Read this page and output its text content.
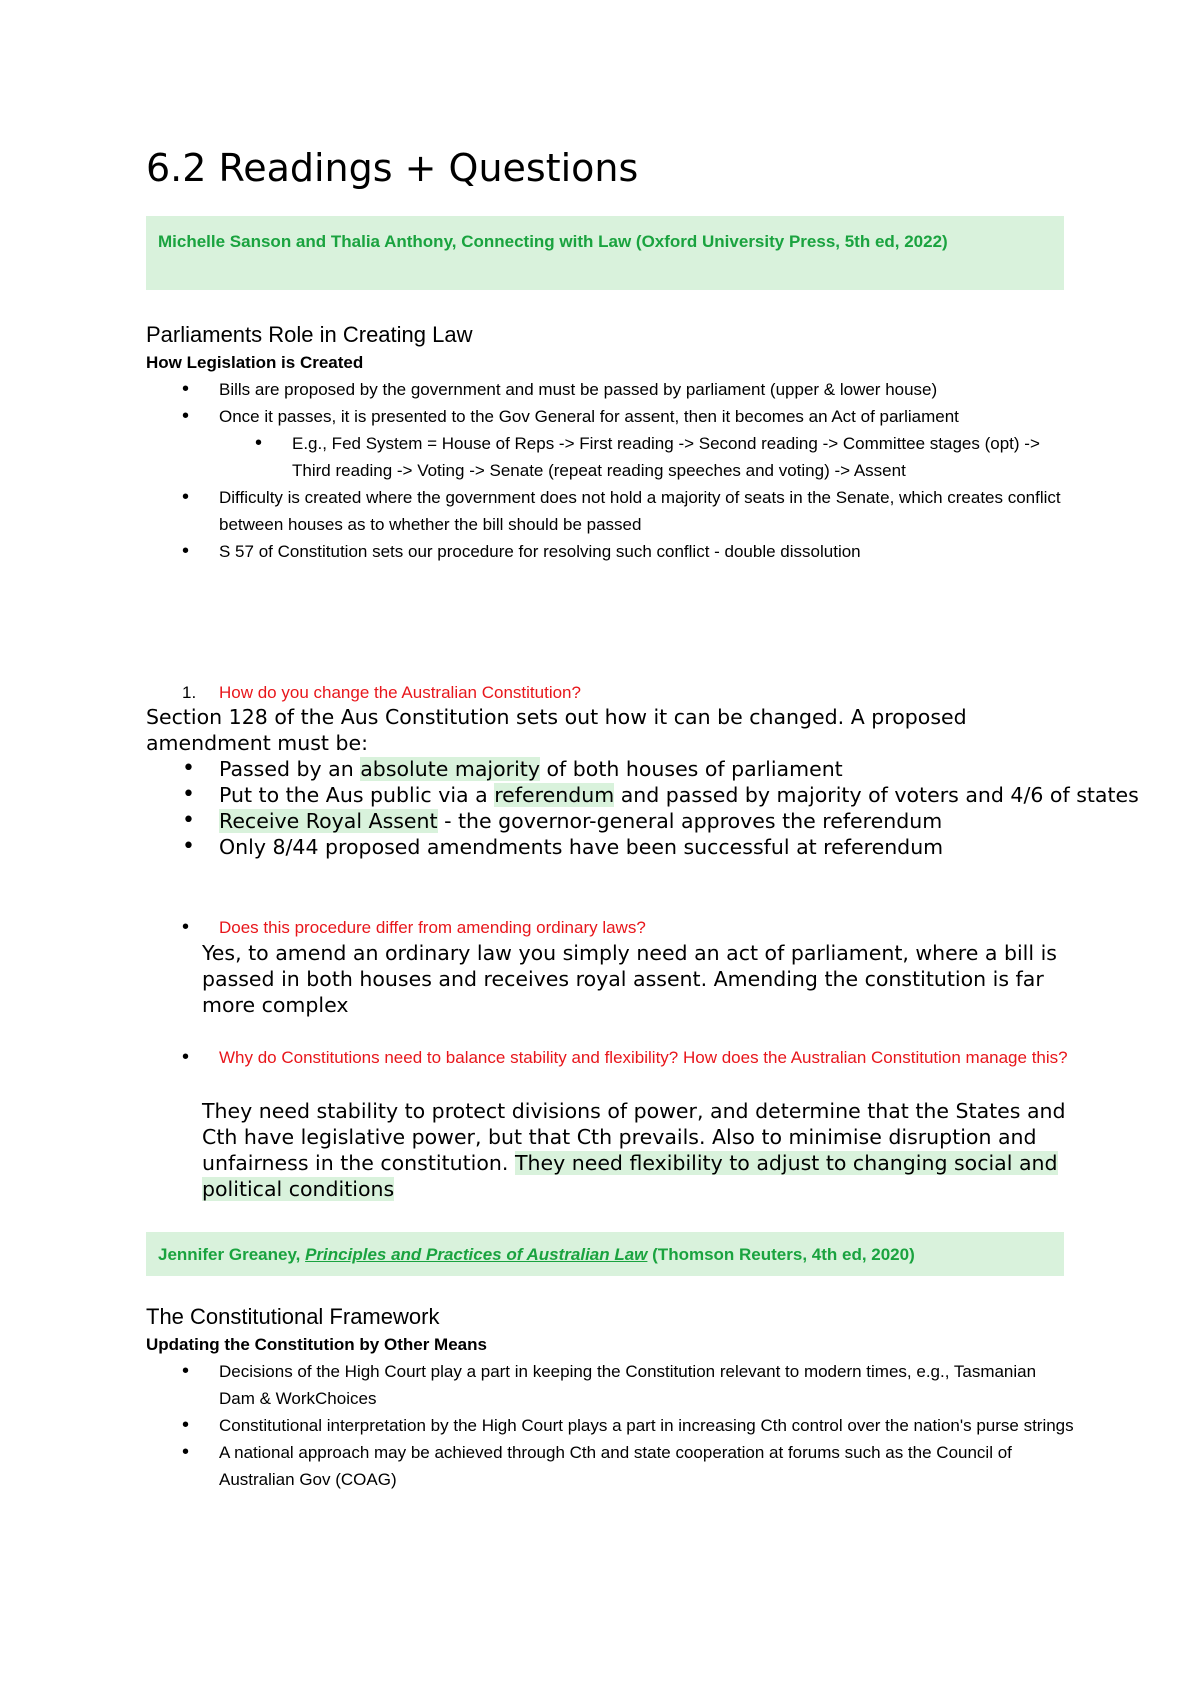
6.2 Readings + Questions
Michelle Sanson and Thalia Anthony, Connecting with Law (Oxford University Press, 5th ed, 2022)
Parliaments Role in Creating Law
How Legislation is Created
• Bills are proposed by the government and must be passed by parliament (upper & lower house)
• Once it passes, it is presented to the Gov General for assent, then it becomes an Act of parliament
• E.g., Fed System = House of Reps -> First reading -> Second reading -> Committee stages (opt) -> Third reading -> Voting -> Senate (repeat reading speeches and voting) -> Assent
• Difficulty is created where the government does not hold a majority of seats in the Senate, which creates conflict between houses as to whether the bill should be passed
• S 57 of Constitution sets our procedure for resolving such conflict - double dissolution
1. How do you change the Australian Constitution?

Section 128 of the Aus Constitution sets out how it can be changed. A proposed amendment must be:

• Passed by an absolute majority of both houses of parliament
• Put to the Aus public via a referendum and passed by majority of voters and 4/6 of states
• Receive Royal Assent - the governor-general approves the referendum
• Only 8/44 proposed amendments have been successful at referendum
• Does this procedure differ from amending ordinary laws?

Yes, to amend an ordinary law you simply need an act of parliament, where a bill is passed in both houses and receives royal assent. Amending the constitution is far more complex

• Why do Constitutions need to balance stability and flexibility? How does the Australian Constitution manage this?

They need stability to protect divisions of power, and determine that the States and Cth have legislative power, but that Cth prevails. Also to minimise disruption and unfairness in the constitution. They need flexibility to adjust to changing social and political conditions

Jennifer Greaney, Principles and Practices of Australian Law (Thomson Reuters, 4th ed, 2020)
The Constitutional Framework
Updating the Constitution by Other Means
• Decisions of the High Court play a part in keeping the Constitution relevant to modern times, e.g., Tasmanian Dam & WorkChoices
• Constitutional interpretation by the High Court plays a part in increasing Cth control over the nation's purse strings
• A national approach may be achieved through Cth and state cooperation at forums such as the Council of Australian Gov (COAG)
